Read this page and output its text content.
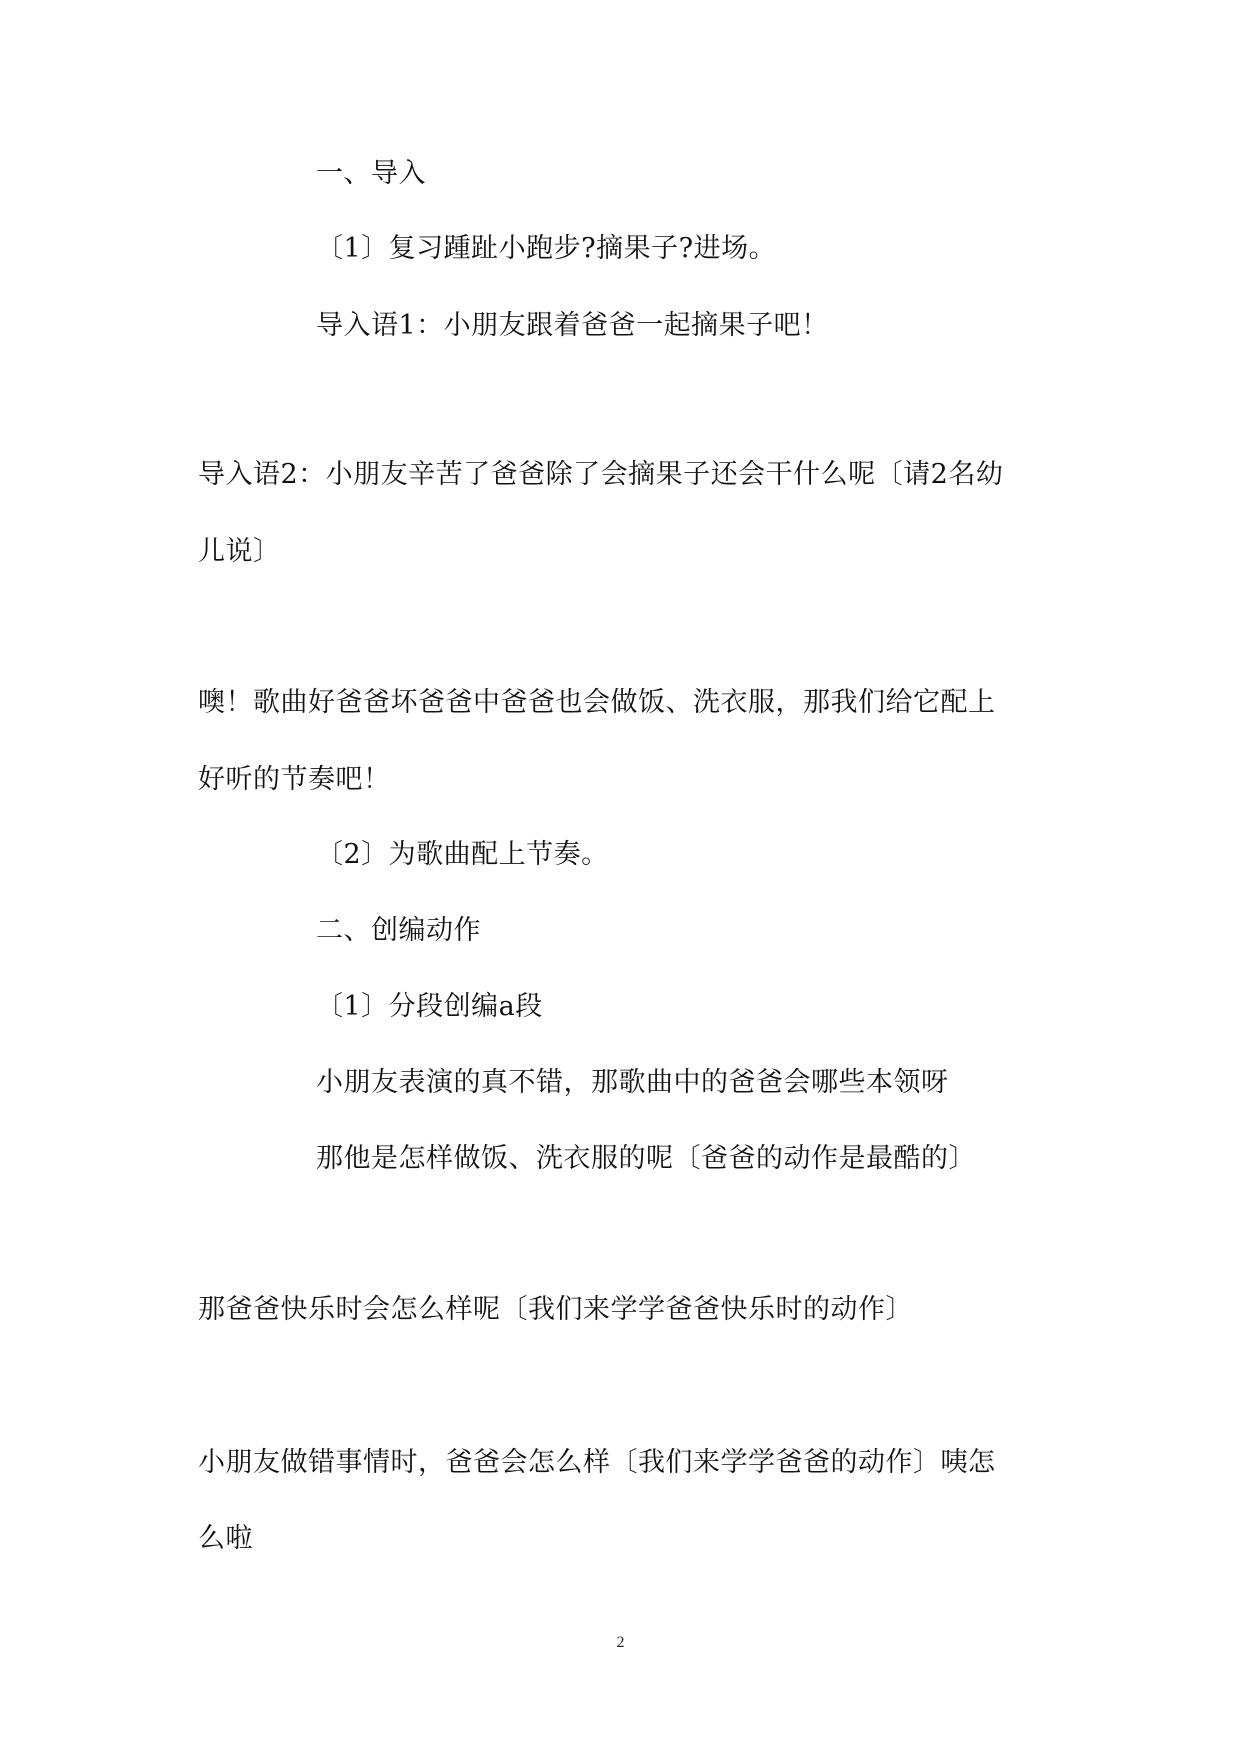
一、导入
〔1〕复习踵趾小跑步?摘果子?进场。
导入语1：小朋友跟着爸爸一起摘果子吧！
导入语2：小朋友辛苦了爸爸除了会摘果子还会干什么呢〔请2名幼
儿说〕
噢！歌曲好爸爸坏爸爸中爸爸也会做饭、洗衣服，那我们给它配上
好听的节奏吧！
〔2〕为歌曲配上节奏。
二、创编动作
〔1〕分段创编a段
小朋友表演的真不错，那歌曲中的爸爸会哪些本领呀
那他是怎样做饭、洗衣服的呢〔爸爸的动作是最酷的〕
那爸爸快乐时会怎么样呢〔我们来学学爸爸快乐时的动作〕
小朋友做错事情时，爸爸会怎么样〔我们来学学爸爸的动作〕咦怎
么啦
2
